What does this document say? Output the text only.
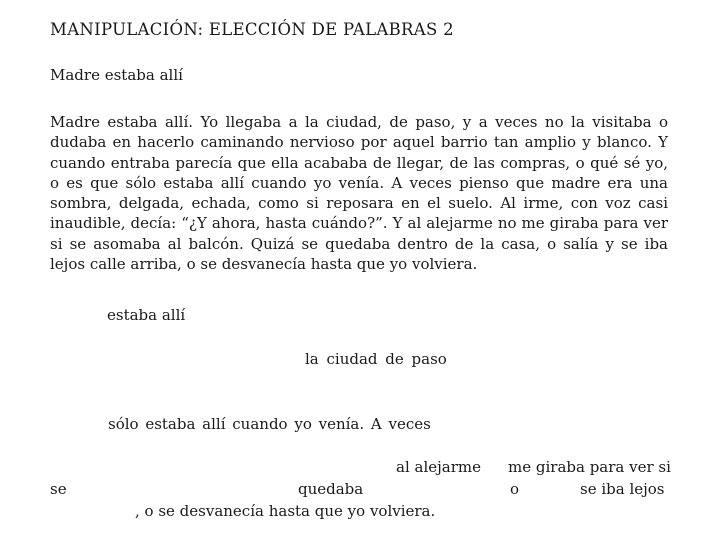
MANIPULACIÓN: ELECCIÓN DE PALABRAS 2
Madre estaba allí

Madre estaba allí. Yo llegaba a la ciudad, de paso, y a veces no la visitaba o dudaba en hacerlo caminando nervioso por aquel barrio tan amplio y blanco. Y cuando entraba parecía que ella acababa de llegar, de las compras, o qué sé yo, o es que sólo estaba allí cuando yo venía. A veces pienso que madre era una sombra, delgada, echada, como si reposara en el suelo. Al irme, con voz casi inaudible, decía: “¿Y ahora, hasta cuándo?”. Y al alejarme no me giraba para ver si se asomaba al balcón. Quizá se quedaba dentro de la casa, o salía y se iba lejos calle arriba, o se desvanecía hasta que yo volviera.

estaba allí
la ciudad de paso
sólo estaba allí cuando yo venía. A veces
al alejarme me giraba para ver si
se	quedaba	o	se iba lejos
, o se desvanecía hasta que yo volviera.
